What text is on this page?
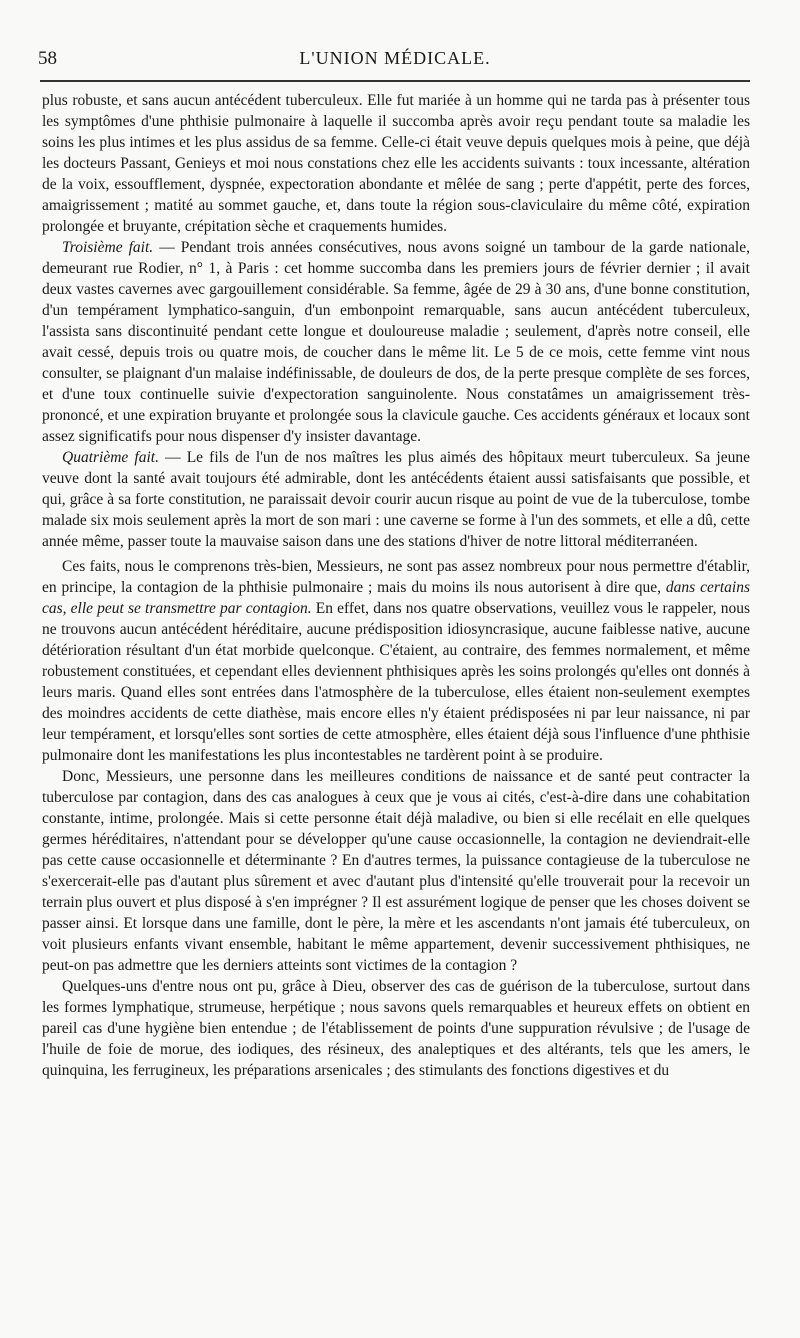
58	L'UNION MÉDICALE.

plus robuste, et sans aucun antécédent tuberculeux. Elle fut mariée à un homme qui ne tarda pas à présenter tous les symptômes d'une phthisie pulmonaire à laquelle il succomba après avoir reçu pendant toute sa maladie les soins les plus intimes et les plus assidus de sa femme. Celle-ci était veuve depuis quelques mois à peine, que déjà les docteurs Passant, Genieys et moi nous constations chez elle les accidents suivants : toux incessante, altération de la voix, essoufflement, dyspnée, expectoration abondante et mêlée de sang ; perte d'appétit, perte des forces, amaigrissement ; matité au sommet gauche, et, dans toute la région sous-claviculaire du même côté, expiration prolongée et bruyante, crépitation sèche et craquements humides.

Troisième fait. — Pendant trois années consécutives, nous avons soigné un tambour de la garde nationale, demeurant rue Rodier, n° 1, à Paris : cet homme succomba dans les premiers jours de février dernier ; il avait deux vastes cavernes avec gargouillement considérable. Sa femme, âgée de 29 à 30 ans, d'une bonne constitution, d'un tempérament lymphatico-sanguin, d'un embonpoint remarquable, sans aucun antécédent tuberculeux, l'assista sans discontinuité pendant cette longue et douloureuse maladie ; seulement, d'après notre conseil, elle avait cessé, depuis trois ou quatre mois, de coucher dans le même lit. Le 5 de ce mois, cette femme vint nous consulter, se plaignant d'un malaise indéfinissable, de douleurs de dos, de la perte presque complète de ses forces, et d'une toux continuelle suivie d'expectoration sanguinolente. Nous constatâmes un amaigrissement très-prononcé, et une expiration bruyante et prolongée sous la clavicule gauche. Ces accidents généraux et locaux sont assez significatifs pour nous dispenser d'y insister davantage.

Quatrième fait. — Le fils de l'un de nos maîtres les plus aimés des hôpitaux meurt tuberculeux. Sa jeune veuve dont la santé avait toujours été admirable, dont les antécédents étaient aussi satisfaisants que possible, et qui, grâce à sa forte constitution, ne paraissait devoir courir aucun risque au point de vue de la tuberculose, tombe malade six mois seulement après la mort de son mari : une caverne se forme à l'un des sommets, et elle a dû, cette année même, passer toute la mauvaise saison dans une des stations d'hiver de notre littoral méditerranéen.

Ces faits, nous le comprenons très-bien, Messieurs, ne sont pas assez nombreux pour nous permettre d'établir, en principe, la contagion de la phthisie pulmonaire ; mais du moins ils nous autorisent à dire que, dans certains cas, elle peut se transmettre par contagion. En effet, dans nos quatre observations, veuillez vous le rappeler, nous ne trouvons aucun antécédent héréditaire, aucune prédisposition idiosyncrasique, aucune faiblesse native, aucune détérioration résultant d'un état morbide quelconque. C'étaient, au contraire, des femmes normalement, et même robustement constituées, et cependant elles deviennent phthisiques après les soins prolongés qu'elles ont donnés à leurs maris. Quand elles sont entrées dans l'atmosphère de la tuberculose, elles étaient non-seulement exemptes des moindres accidents de cette diathèse, mais encore elles n'y étaient prédisposées ni par leur naissance, ni par leur tempérament, et lorsqu'elles sont sorties de cette atmosphère, elles étaient déjà sous l'influence d'une phthisie pulmonaire dont les manifestations les plus incontestables ne tardèrent point à se produire.

Donc, Messieurs, une personne dans les meilleures conditions de naissance et de santé peut contracter la tuberculose par contagion, dans des cas analogues à ceux que je vous ai cités, c'est-à-dire dans une cohabitation constante, intime, prolongée. Mais si cette personne était déjà maladive, ou bien si elle recélait en elle quelques germes héréditaires, n'attendant pour se développer qu'une cause occasionnelle, la contagion ne deviendrait-elle pas cette cause occasionnelle et déterminante ? En d'autres termes, la puissance contagieuse de la tuberculose ne s'exercerait-elle pas d'autant plus sûrement et avec d'autant plus d'intensité qu'elle trouverait pour la recevoir un terrain plus ouvert et plus disposé à s'en imprégner ? Il est assurément logique de penser que les choses doivent se passer ainsi. Et lorsque dans une famille, dont le père, la mère et les ascendants n'ont jamais été tuberculeux, on voit plusieurs enfants vivant ensemble, habitant le même appartement, devenir successivement phthisiques, ne peut-on pas admettre que les derniers atteints sont victimes de la contagion ?

Quelques-uns d'entre nous ont pu, grâce à Dieu, observer des cas de guérison de la tuberculose, surtout dans les formes lymphatique, strumeuse, herpétique ; nous savons quels remarquables et heureux effets on obtient en pareil cas d'une hygiène bien entendue ; de l'établissement de points d'une suppuration révulsive ; de l'usage de l'huile de foie de morue, des iodiques, des résineux, des analeptiques et des altérants, tels que les amers, le quinquina, les ferrugineux, les préparations arsenicales ; des stimulants des fonctions digestives et du
